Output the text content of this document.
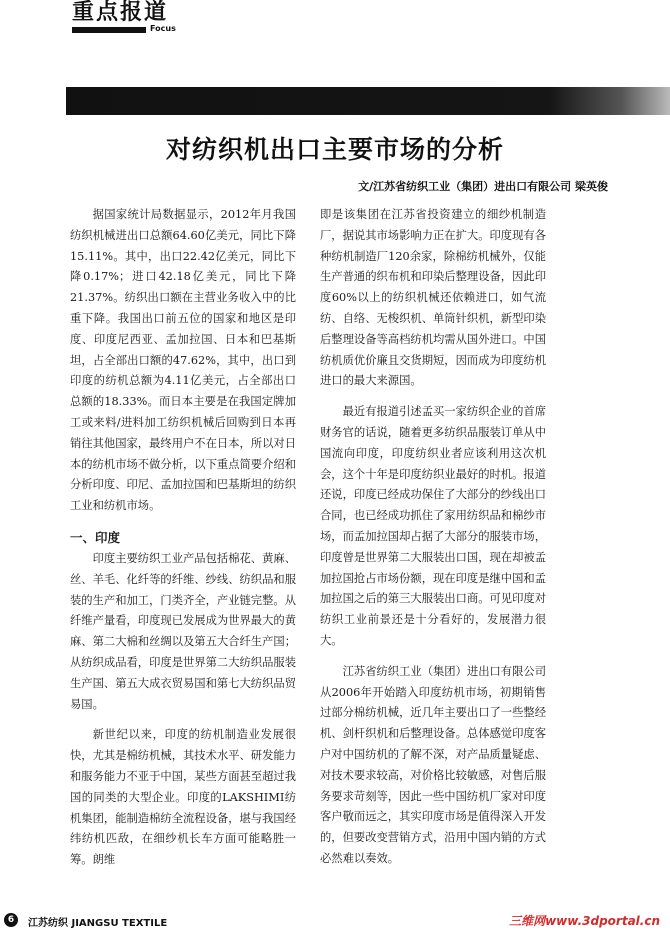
重点报道
Focus
对纺织机出口主要市场的分析
文/江苏省纺织工业（集团）进出口有限公司 梁英俊

据国家统计局数据显示，2012年月我国纺织机械进出口总额64.60亿美元，同比下降15.11%。其中，出口22.42亿美元，同比下降0.17%；进口42.18亿美元，同比下降21.37%。纺织出口额在主营业务收入中的比重下降。我国出口前五位的国家和地区是印度、印度尼西亚、孟加拉国、日本和巴基斯坦，占全部出口额的47.62%，其中，出口到印度的纺机总额为4.11亿美元，占全部出口总额的18.33%。而日本主要是在我国定牌加工或来料/进料加工纺织机械后回购到日本再销往其他国家，最终用户不在日本，所以对日本的纺机市场不做分析，以下重点简要介绍和分析印度、印尼、孟加拉国和巴基斯坦的纺织工业和纺机市场。

一、印度

印度主要纺织工业产品包括棉花、黄麻、丝、羊毛、化纤等的纤维、纱线、纺织品和服装的生产和加工，门类齐全，产业链完整。从纤维产量看，印度现已发展成为世界最大的黄麻、第二大棉和丝绸以及第五大合纤生产国；从纺织成品看，印度是世界第二大纺织品服装生产国、第五大成衣贸易国和第七大纺织品贸易国。

新世纪以来，印度的纺机制造业发展很快，尤其是棉纺机械，其技术水平、研发能力和服务能力不亚于中国，某些方面甚至超过我国的同类的大型企业。印度的LAKSHIMI纺机集团，能制造棉纺全流程设备，堪与我国经纬纺机匹敌，在细纱机长车方面可能略胜一筹。朗维

即是该集团在江苏省投资建立的细纱机制造厂，据说其市场影响力正在扩大。印度现有各种纺机制造厂120余家，除棉纺机械外，仅能生产普通的织布机和印染后整理设备，因此印度60%以上的纺织机械还依赖进口，如气流纺、自络、无梭织机、单筒针织机，新型印染后整理设备等高档纺机均需从国外进口。中国纺机质优价廉且交货期短，因而成为印度纺机进口的最大来源国。

最近有报道引述孟买一家纺织企业的首席财务官的话说，随着更多纺织品服装订单从中国流向印度，印度纺织业者应该利用这次机会，这个十年是印度纺织业最好的时机。报道还说，印度已经成功保住了大部分的纱线出口合同，也已经成功抓住了家用纺织品和棉纱市场，而孟加拉国却占据了大部分的服装市场，印度曾是世界第二大服装出口国，现在却被孟加拉国抢占市场份额，现在印度是继中国和孟加拉国之后的第三大服装出口商。可见印度对纺织工业前景还是十分看好的，发展潜力很大。

江苏省纺织工业（集团）进出口有限公司从2006年开始踏入印度纺机市场，初期销售过部分棉纺机械，近几年主要出口了一些整经机、剑杆织机和后整理设备。总体感觉印度客户对中国纺机的了解不深，对产品质量疑虑、对技术要求较高，对价格比较敏感，对售后服务要求苛刻等，因此一些中国纺机厂家对印度客户敬而远之，其实印度市场是值得深入开发的，但要改变营销方式，沿用中国内销的方式必然难以奏效。

6	江苏纺织 JIANGSU TEXTILE	三维网www.3dportal.cn
